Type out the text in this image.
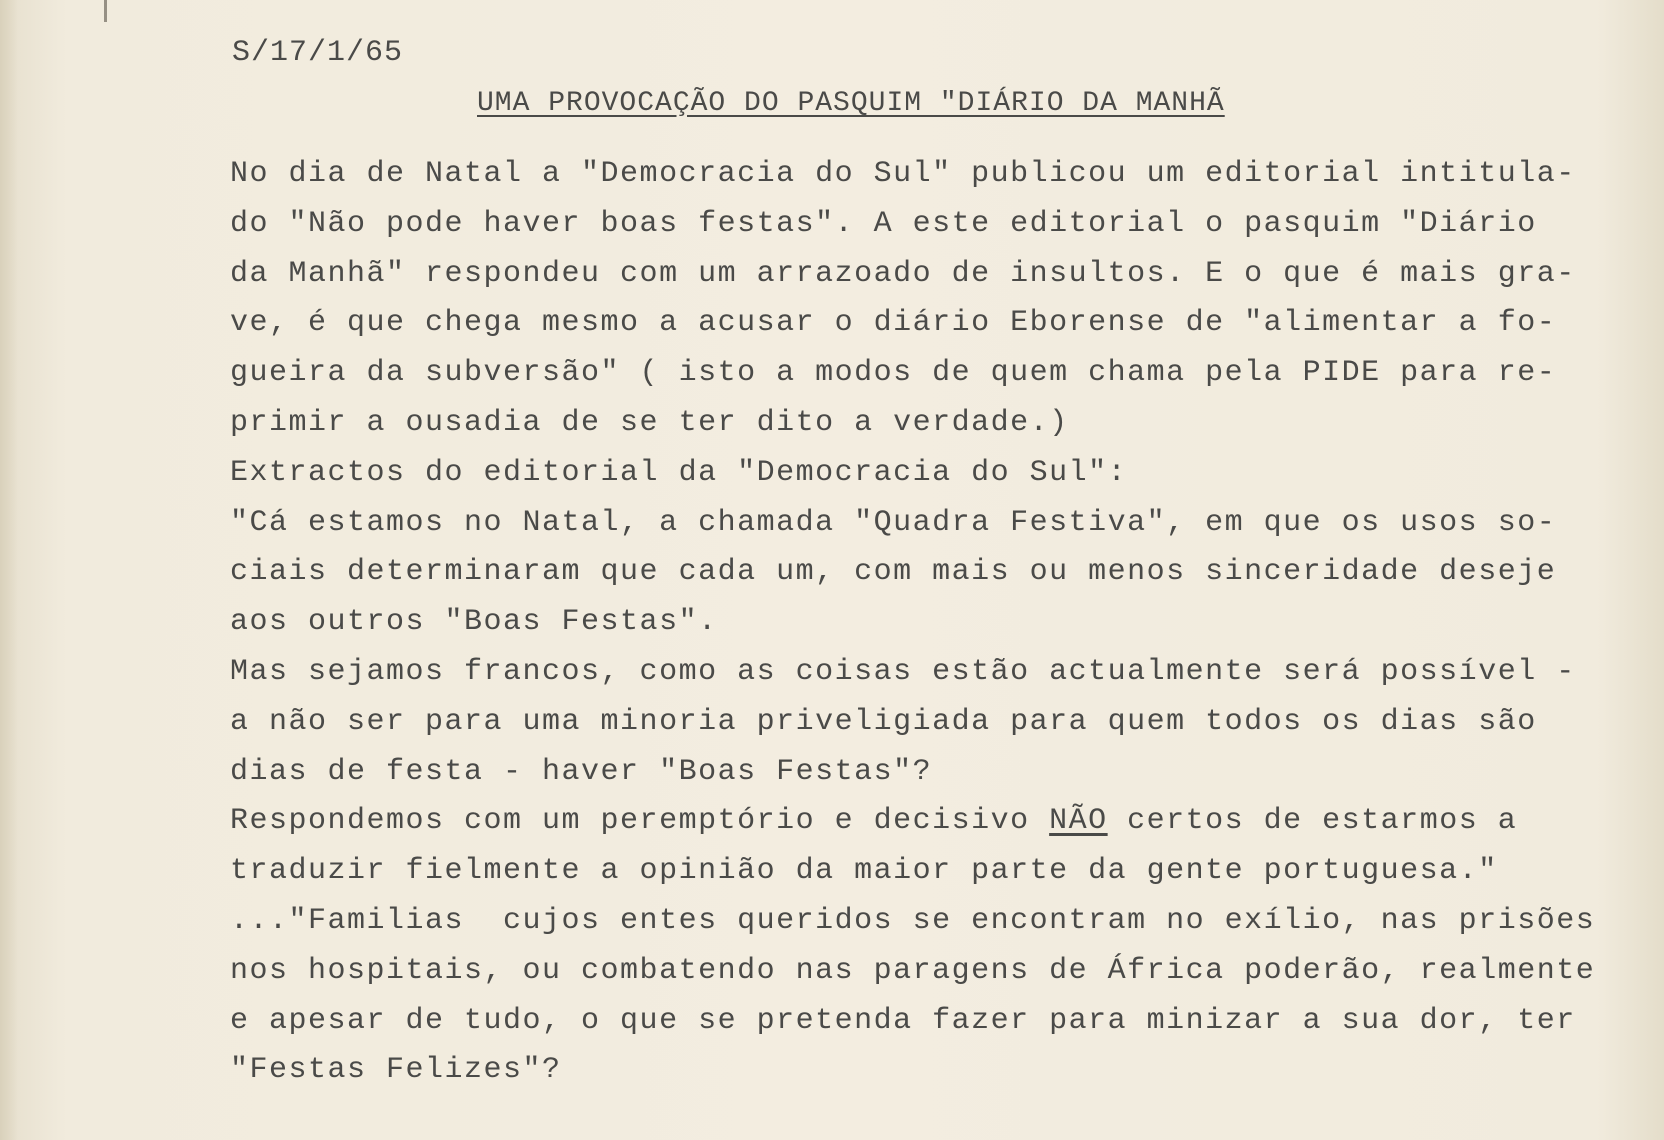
S/17/1/65
UMA PROVOCAÇÃO DO PASQUIM "DIÁRIO DA MANHÃ
No dia de Natal a "Democracia do Sul" publicou um editorial intitula-
do "Não pode haver boas festas". A este editorial o pasquim "Diário
da Manhã" respondeu com um arrazoado de insultos. E o que é mais gra-
ve, é que chega mesmo a acusar o diário Eborense de "alimentar a fo-
gueira da subversão" ( isto a modos de quem chama pela PIDE para re-
primir a ousadia de se ter dito a verdade.)
Extractos do editorial da "Democracia do Sul":
"Cá estamos no Natal, a chamada "Quadra Festiva", em que os usos so-
ciais determinaram que cada um, com mais ou menos sinceridade deseje
aos outros "Boas Festas".
Mas sejamos francos, como as coisas estão actualmente será possível -
a não ser para uma minoria priveligiada para quem todos os dias são
dias de festa - haver "Boas Festas"?
Respondemos com um peremptório e decisivo NÃO certos de estarmos a
traduzir fielmente a opinião da maior parte da gente portuguesa."
..."Familias  cujos entes queridos se encontram no exílio, nas prisões
nos hospitais, ou combatendo nas paragens de África poderão, realmente
e apesar de tudo, o que se pretenda fazer para minizar a sua dor, ter
"Festas Felizes"?
